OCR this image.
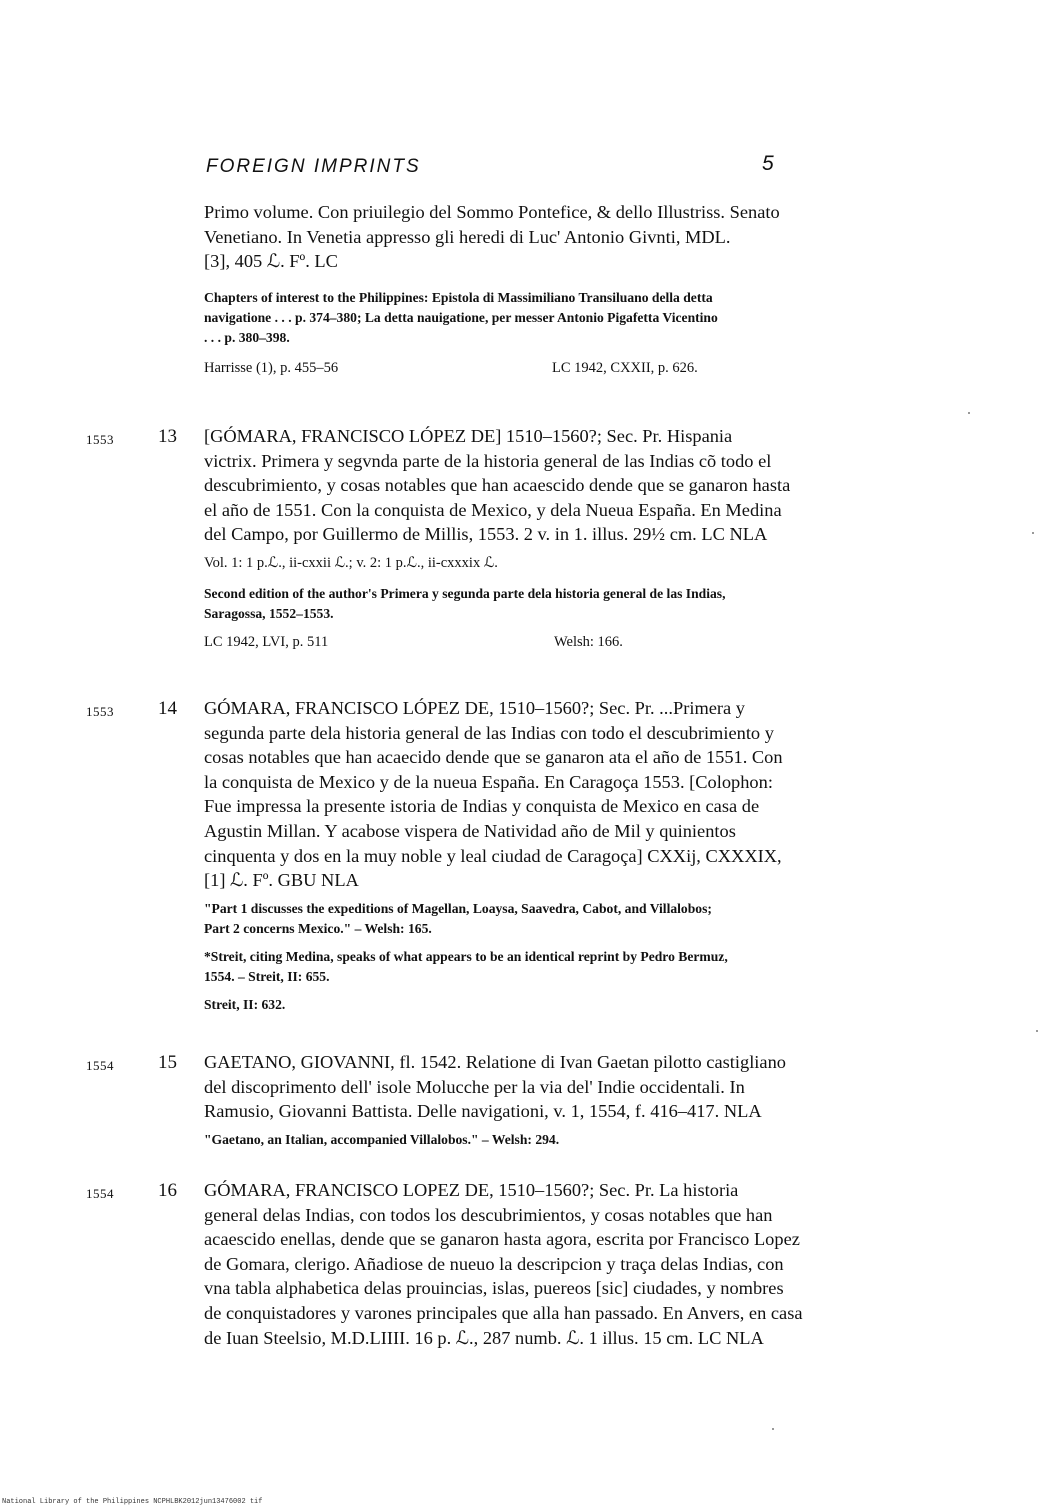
FOREIGN IMPRINTS	5
Primo volume. Con priuilegio del Sommo Pontefice, & dello Illustriss. Senato
Venetiano. In Venetia appresso gli heredi di Luc' Antonio Givnti, MDL.
[3], 405 ℒ. Fº. LC
Chapters of interest to the Philippines: Epistola di Massimiliano Transiluano della detta
navigatione . . . p. 374–380; La detta nauigatione, per messer Antonio Pigafetta Vicentino
. . . p. 380–398.
Harrisse (1), p. 455–56	LC 1942, CXXII, p. 626.
1553 13 [GÓMARA, FRANCISCO LÓPEZ DE] 1510–1560?; Sec. Pr. Hispania
victrix. Primera y segvnda parte de la historia general de las Indias cõ todo el
descubrimiento, y cosas notables que han acaescido dende que se ganaron hasta
el año de 1551. Con la conquista de Mexico, y dela Nueua España. En Medina
del Campo, por Guillermo de Millis, 1553. 2 v. in 1. illus. 29½ cm. LC NLA
Vol. 1: 1 p.ℒ., ii-cxxii ℒ.; v. 2: 1 p.ℒ., ii-cxxxix ℒ.
Second edition of the author's Primera y segunda parte dela historia general de las Indias,
Saragossa, 1552–1553.
LC 1942, LVI, p. 511	Welsh: 166.
1553 14 GÓMARA, FRANCISCO LÓPEZ DE, 1510–1560?; Sec. Pr. ...Primera y
segunda parte dela historia general de las Indias con todo el descubrimiento y
cosas notables que han acaecido dende que se ganaron ata el año de 1551. Con
la conquista de Mexico y de la nueua España. En Caragoça 1553. [Colophon:
Fue impressa la presente istoria de Indias y conquista de Mexico en casa de
Agustin Millan. Y acabose vispera de Natividad año de Mil y quinientos
cinquenta y dos en la muy noble y leal ciudad de Caragoça] CXXij, CXXXIX,
[1] ℒ. Fº. GBU NLA
"Part 1 discusses the expeditions of Magellan, Loaysa, Saavedra, Cabot, and Villalobos;
Part 2 concerns Mexico." – Welsh: 165.
*Streit, citing Medina, speaks of what appears to be an identical reprint by Pedro Bermuz,
1554. – Streit, II: 655.
Streit, II: 632.
1554 15 GAETANO, GIOVANNI, fl. 1542. Relatione di Ivan Gaetan pilotto castigliano
del discoprimento dell' isole Molucche per la via del' Indie occidentali. In
Ramusio, Giovanni Battista. Delle navigationi, v. 1, 1554, f. 416–417. NLA
"Gaetano, an Italian, accompanied Villalobos." – Welsh: 294.
1554 16 GÓMARA, FRANCISCO LOPEZ DE, 1510–1560?; Sec. Pr. La historia
general delas Indias, con todos los descubrimientos, y cosas notables que han
acaescido enellas, dende que se ganaron hasta agora, escrita por Francisco Lopez
de Gomara, clerigo. Añadiose de nueuo la descripcion y traça delas Indias, con
vna tabla alphabetica delas prouincias, islas, puereos [sic] ciudades, y nombres
de conquistadores y varones principales que alla han passado. En Anvers, en casa
de Iuan Steelsio, M.D.LIIII. 16 p. ℒ., 287 numb. ℒ. 1 illus. 15 cm. LC NLA
National Library of the Philippines NCPHLBK2012jun13476002 tif
